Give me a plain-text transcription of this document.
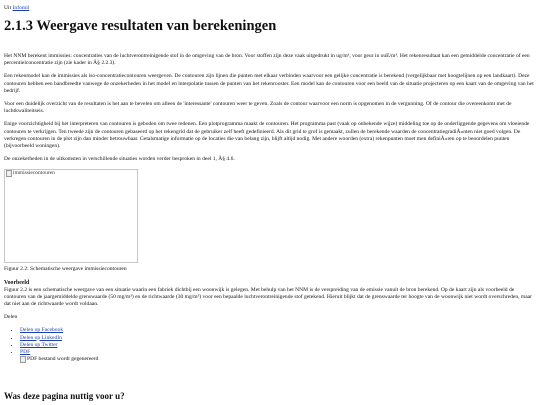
Uit Infomil
2.1.3 Weergave resultaten van berekeningen

Het NNM berekent immissies: concentraties van de luchtverontreinigende stof in de omgeving van de bron. Voor stoffen zijn deze vaak uitgedrukt in ug/m³, voor geur in ouE/m³. Het rekenresultaat kan een gemiddelde concentratie of een percentielconcentratie zijn (zie kader in Â§ 2.2.3).

Een rekenmodel kan de immissies als iso-concentratiecontouren weergeven. De contouren zijn lijnen die punten met elkaar verbinden waarvoor een gelijke concentratie is berekend (vergelijkbaar met hoogtelijnen op een landkaart). Deze contouren hebben een bandbreedte vanwege de onzekerheden in het model en interpolatie tussen de punten van het rekenrooster. Een model kan de contouren voor een beeld van de situatie projecteren op een kaart van de omgeving van het bedrijf.

Voor een duidelijk overzicht van de resultaten is het aan te bevelen om alleen de 'interessante' contouren weer te geven. Zoals de contour waarvoor een norm is opgenomen in de vergunning. Of de contour die overeenkomt met de luchtkwaliteitseis.

Enige voorzichtigheid bij het interpreteren van contouren is geboden om twee redenen. Een plotprogramma maakt de contouren. Het programma past (vaak op onbekende wijze) middeling toe op de onderliggende gegevens om vloeiende contouren te verkrijgen. Ten tweede zijn de contouren gebaseerd op het rekengrid dat de gebruiker zelf heeft gedefinieerd. Als dit grid te grof is gemaakt, zullen de berekende waarden de concentratiegradiÃ«nten niet goed volgen. De verkregen contouren in de plot zijn dan minder betrouwbaar. Getalsmatige informatie op de locaties die van belang zijn, blijft altijd nodig. Met andere woorden (extra) rekenpunten moet men definiÃ«ren op te beoordelen punten (bijvoorbeeld woningen).

De onzekerheden in de uitkomsten in verschillende situaties worden verder besproken in deel 1, Â§ 4.6.

immissiecontouren
Figuur 2.2: Schematische weergave immissiecontouren
Voorbeeld

Figuur 2.2 is een schematische weergave van een situatie waarin een fabriek dichtbij een woonwijk is gelegen. Met behulp van het NNM is de verspreiding van de emissie vanuit de bron berekend. Op de kaart zijn als voorbeeld de contouren van de jaargemiddelde grenswaarde (50 mg/m³) en de richtwaarde (30 mg/m³) voor een bepaalde luchtverontreinigende stof getekend. Hieruit blijkt dat de grenswaarde ter hoogte van de woonwijk niet wordt overschreden, maar dat niet aan de richtwaarde wordt voldaan.

Delen
• Delen op Facebook
• Delen op LinkedIn
• Delen op Twitter
• PDF
PDF bestand wordt gegenereerd
Was deze pagina nuttig voor u?
